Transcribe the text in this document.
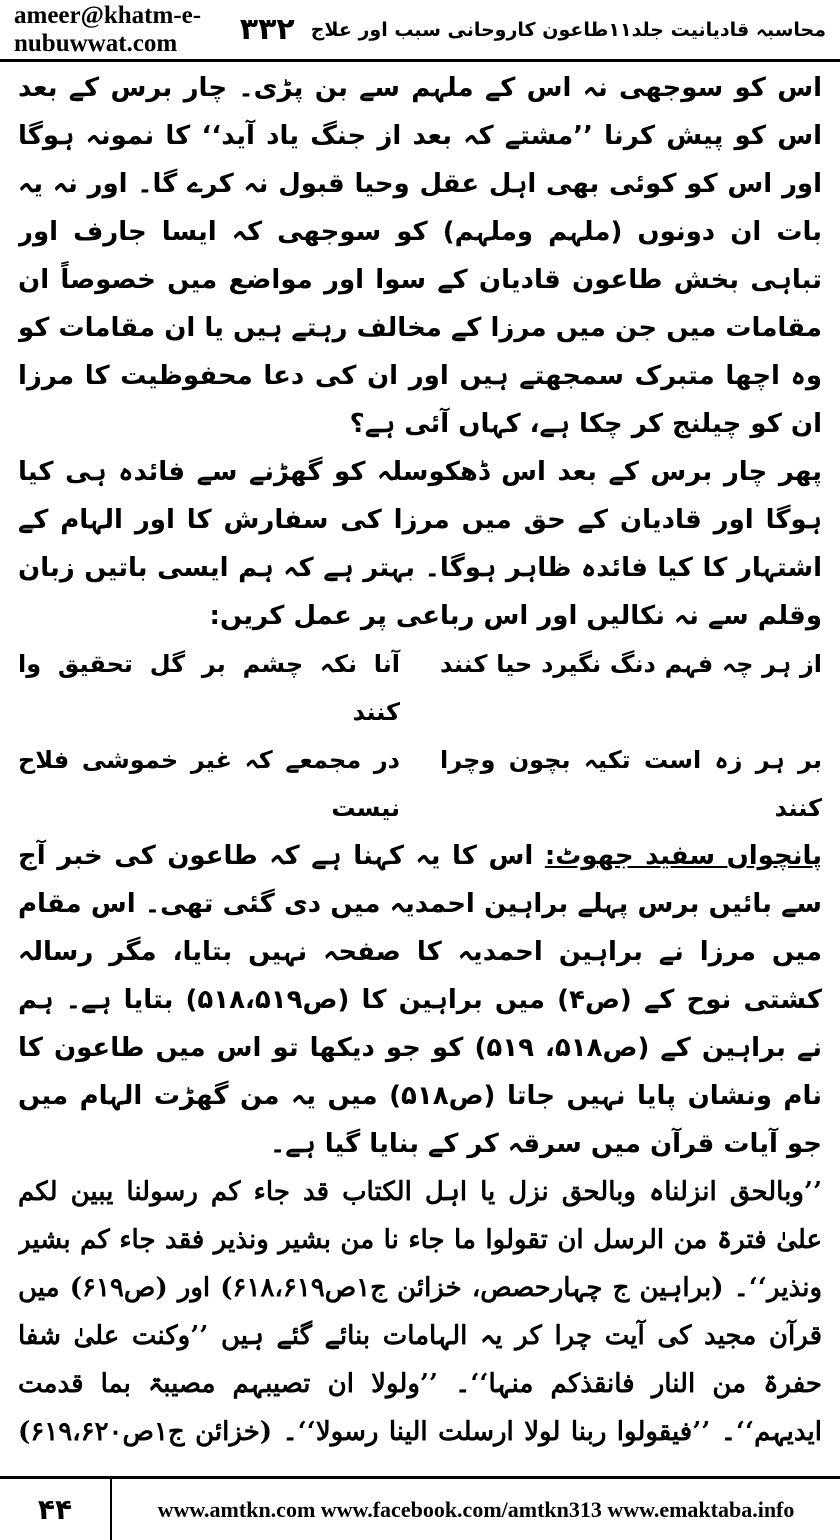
ameer@khatm-e-nubuwwat.com	محاسبہ قادیانیت جلد۱۱طاعون کاروحانی سبب اور علاج
۳۳۲

اس کو سوجھی نہ اس کے ملہم سے بن پڑی۔ چار برس کے بعد اس کو پیش کرنا ’’مشتے کہ بعد از جنگ یاد آید‘‘ کا نمونہ ہوگا اور اس کو کوئی بھی اہل عقل وحیا قبول نہ کرے گا۔ اور نہ یہ بات ان دونوں (ملہم وملہم) کو سوجھی کہ ایسا جارف اور تباہی بخش طاعون قادیان کے سوا اور مواضع میں خصوصاً ان مقامات میں جن میں مرزا کے مخالف رہتے ہیں یا ان مقامات کو وہ اچھا متبرک سمجھتے ہیں اور ان کی دعا محفوظیت کا مرزا ان کو چیلنج کر چکا ہے، کہاں آئی ہے؟

پھر چار برس کے بعد اس ڈھکوسلہ کو گھڑنے سے فائدہ ہی کیا ہوگا اور قادیان کے حق میں مرزا کی سفارش کا اور الہام کے اشتہار کا کیا فائدہ ظاہر ہوگا۔ بہتر ہے کہ ہم ایسی باتیں زبان وقلم سے نہ نکالیں اور اس رباعی پر عمل کریں:

از ہر چہ فہم دنگ نگیرد حیا کنند
آنا نکہ چشم بر گل تحقیق وا کنند
بر ہر زہ است تکیہ بچون وچرا کنند
در مجمعے کہ غیر خموشی فلاح نیست

پانچواں سفید جھوٹ: اس کا یہ کہنا ہے کہ طاعون کی خبر آج سے بائیں برس پہلے براہین احمدیہ میں دی گئی تھی۔ اس مقام میں مرزا نے براہین احمدیہ کا صفحہ نہیں بتایا، مگر رسالہ کشتی نوح کے (ص۴) میں براہین کا (ص۵۱۸،۵۱۹) بتایا ہے۔ ہم نے براہین کے (ص۵۱۸، ۵۱۹) کو جو دیکھا تو اس میں طاعون کا نام ونشان پایا نہیں جاتا (ص۵۱۸) میں یہ من گھڑت الہام میں جو آیات قرآن میں سرقہ کر کے بنایا گیا ہے۔

’’وبالحق انزلناہ وبالحق نزل یا اہل الکتاب قد جاء کم رسولنا یبین لکم علیٰ فترۃ من الرسل ان تقولوا ما جاء نا من بشیر ونذیر فقد جاء کم بشیر ونذیر‘‘۔ (براہین ج چہارحصص، خزائن ج۱ص۶۱۸،۶۱۹) اور (ص۶۱۹) میں قرآن مجید کی آیت چرا کر یہ الہامات بنائے گئے ہیں ’’وکنت علیٰ شفا حفرۃ من النار فانقذکم منہا‘‘۔ ’’ولولا ان تصیبہم مصیبۃ بما قدمت ایدیہم‘‘۔ ’’فیقولوا ربنا لولا ارسلت الینا رسولا‘‘۔ (خزائن ج۱ص۶۱۹،۶۲۰)

۴۴	www.amtkn.com www.facebook.com/amtkn313 www.emaktaba.info
